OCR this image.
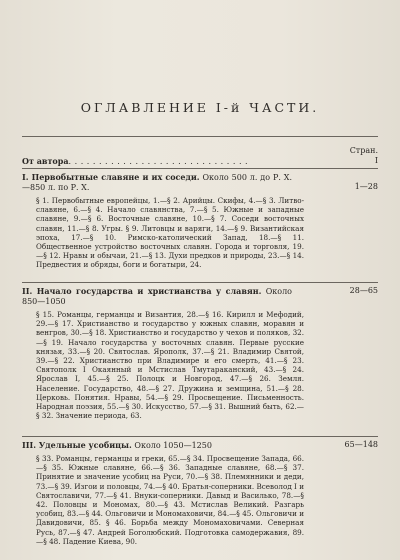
ОГЛАВЛЕНИЕ I-й ЧАСТИ.
Стран.
I
От автора. . . . . . . . . . . . . . . . . . . . . . . . . . . . . .
1—28
I. Первобытные славяне и их соседи. Около 500 л. до Р. Х.—850 л. по Р. Х.
§ 1. Первобытные европейцы, 1.—§ 2. Арийцы. Скифы, 4.—§ 3. Литво-славяне, 6.—§ 4. Начало славянства, 7.—§ 5. Южные и западные славяне, 9.—§ 6. Восточные славяне, 10.—§ 7. Соседи восточных славян, 11.—§ 8. Угры. § 9. Литовцы и варяги, 14.—§ 9. Византийская эпоха, 17.—§ 10. Римско-католический Запад, 18.—§ 11. Общественное устройство восточных славян. Города и торговля, 19.—§ 12. Нравы и обычаи, 21.—§ 13. Духи предков и природы, 23.—§ 14. Предвестия и обряды, боги и богатыри, 24.
28—65
II. Начало государства и христианства у славян. Около 850—1050
§ 15. Романцы, германцы и Византия, 28.—§ 16. Кирилл и Мефодий, 29.—§ 17. Христианство и государство у южных славян, моравян и венгров, 30.—§ 18. Христианство и государство у чехов и поляков, 32.—§ 19. Начало государства у восточных славян. Первые русские князья, 33.—§ 20. Святослав. Ярополк, 37.—§ 21. Владимир Святой, 39.—§ 22. Христианство при Владимире и его смерть, 41.—§ 23. Святополк I Окаянный и Мстислав Тмутараканский, 43.—§ 24. Ярослав I, 45.—§ 25. Полоцк и Новгород, 47.—§ 26. Земля. Население. Государство, 48.—§ 27. Дружина и земщина, 51.—§ 28. Церковь. Понятия. Нравы, 54.—§ 29. Просвещение. Письменность. Народная поэзия, 55.—§ 30. Искусство, 57.—§ 31. Вышний быть, 62.—§ 32. Значение периода, 63.
65—148
III. Удельные усобицы. Около 1050—1250
§ 33. Романцы, германцы и греки, 65.—§ 34. Просвещение Запада, 66.—§ 35. Южные славяне, 66.—§ 36. Западные славяне, 68.—§ 37. Принятие и значение усобиц на Руси, 70.—§ 38. Племянники и деди, 73.—§ 39. Изгои и половцы, 74.—§ 40. Братья-соперники. Всеволод I и Святославичи, 77.—§ 41. Внуки-соперники. Давыд и Василько, 78.—§ 42. Половцы и Мономах, 80.—§ 43. Мстислав Великий. Разгарь усобиц, 83.—§ 44. Ольговичи и Мономаховичи, 84.—§ 45. Ольговичи и Давидовичи, 85. § 46. Борьба между Мономаховичами. Северная Русь, 87.—§ 47. Андрей Боголюбский. Подготовка самодержавия, 89.—§ 48. Падение Киева, 90.
